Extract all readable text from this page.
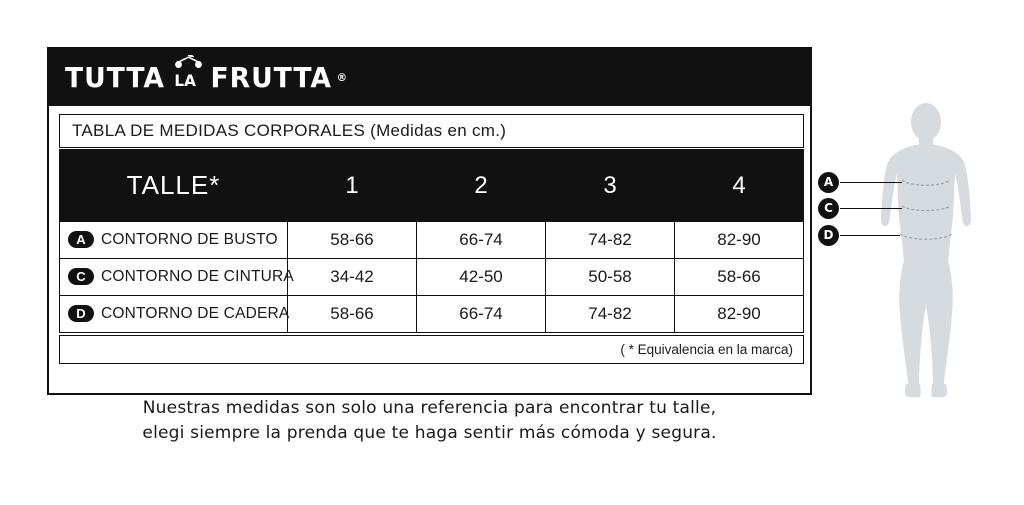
TUTTA LA FRUTTA ®
TABLA DE MEDIDAS CORPORALES (Medidas en cm.)
TALLE*	1	2	3	4
A CONTORNO DE BUSTO	58-66	66-74	74-82	82-90
C CONTORNO DE CINTURA	34-42	42-50	50-58	58-66
D CONTORNO DE CADERA	58-66	66-74	74-82	82-90
( * Equivalencia en la marca)
Nuestras medidas son solo una referencia para encontrar tu talle,
elegi siempre la prenda que te haga sentir más cómoda y segura.
A
C
D
